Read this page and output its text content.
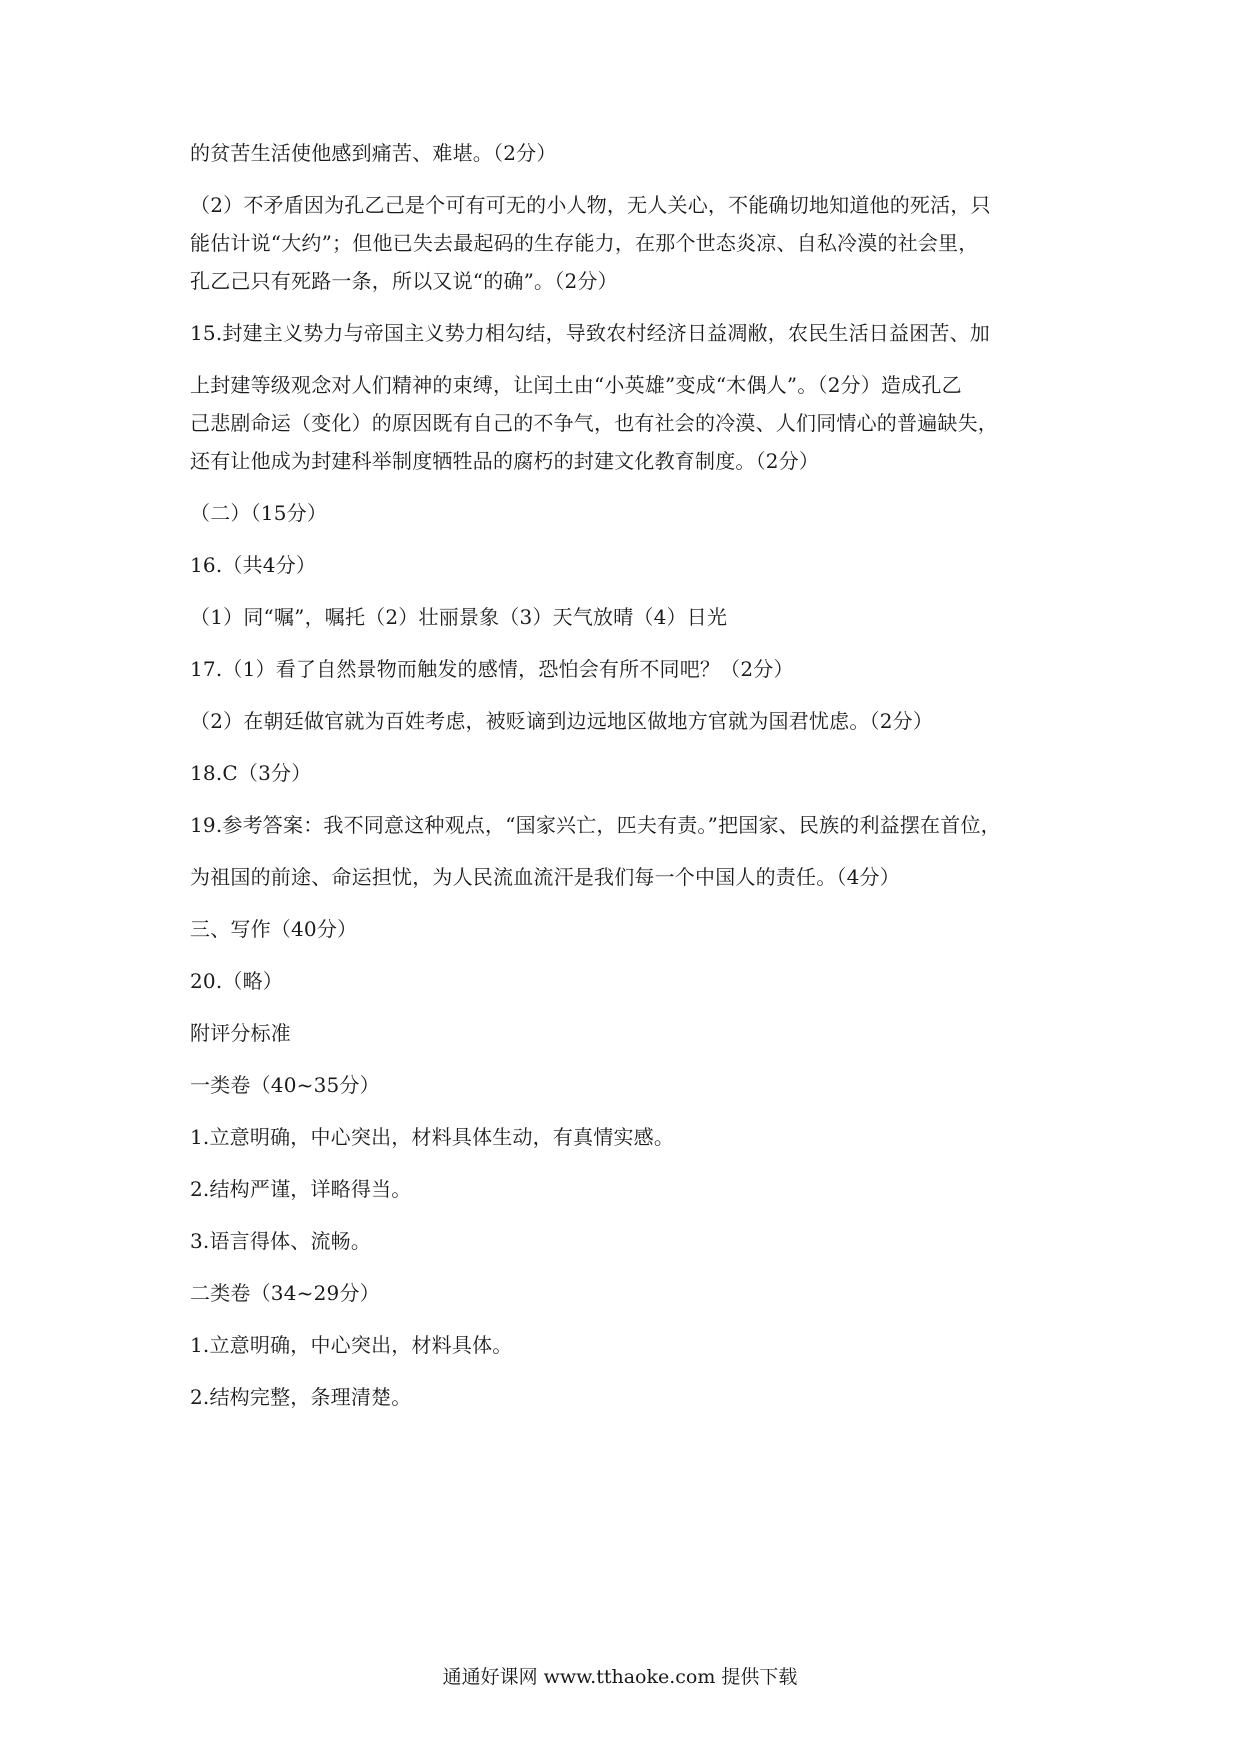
的贫苦生活使他感到痛苦、难堪。（2分）
（2）不矛盾因为孔乙己是个可有可无的小人物，无人关心，不能确切地知道他的死活，只
能估计说“大约”；但他已失去最起码的生存能力，在那个世态炎凉、自私冷漠的社会里，
孔乙己只有死路一条，所以又说“的确”。（2分）
15.封建主义势力与帝国主义势力相勾结，导致农村经济日益凋敝，农民生活日益困苦、加
上封建等级观念对人们精神的束缚，让闰土由“小英雄”变成“木偶人”。（2分）造成孔乙
己悲剧命运（变化）的原因既有自己的不争气，也有社会的冷漠、人们同情心的普遍缺失，
还有让他成为封建科举制度牺牲品的腐朽的封建文化教育制度。（2分）
（二）（15分）
16.（共4分）
（1）同“嘱”，嘱托（2）壮丽景象（3）天气放晴（4）日光
17.（1）看了自然景物而触发的感情，恐怕会有所不同吧？（2分）
（2）在朝廷做官就为百姓考虑，被贬谪到边远地区做地方官就为国君忧虑。（2分）
18.C（3分）
19.参考答案：我不同意这种观点，“国家兴亡，匹夫有责。”把国家、民族的利益摆在首位，
为祖国的前途、命运担忧，为人民流血流汗是我们每一个中国人的责任。（4分）
三、写作（40分）
20.（略）
附评分标准
一类卷（40~35分）
1.立意明确，中心突出，材料具体生动，有真情实感。
2.结构严谨，详略得当。
3.语言得体、流畅。
二类卷（34~29分）
1.立意明确，中心突出，材料具体。
2.结构完整，条理清楚。
通通好课网 www.tthaoke.com 提供下载
